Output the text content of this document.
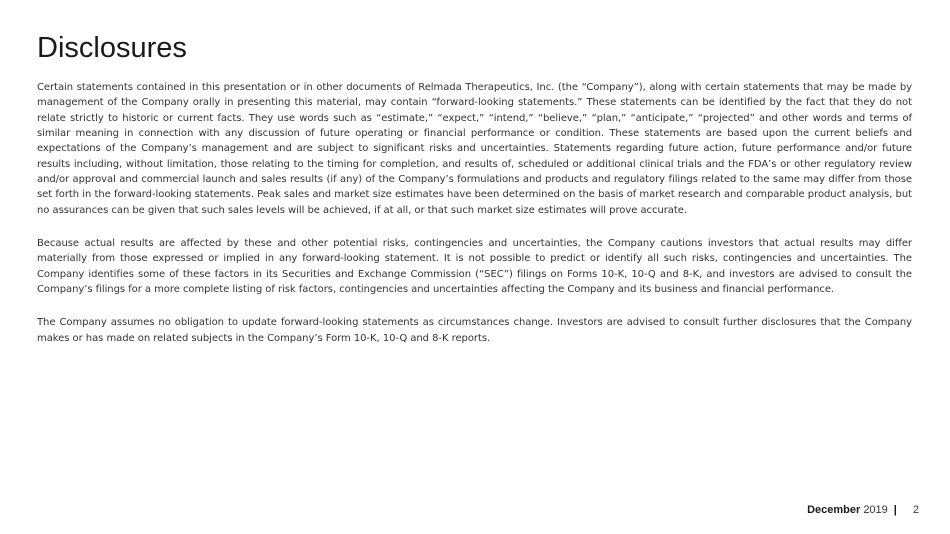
Disclosures

Certain statements contained in this presentation or in other documents of Relmada Therapeutics, Inc. (the “Company”), along with certain statements that may be made by management of the Company orally in presenting this material, may contain “forward-looking statements.” These statements can be identified by the fact that they do not relate strictly to historic or current facts. They use words such as “estimate,” “expect,” “intend,” “believe,” “plan,” “anticipate,” “projected” and other words and terms of similar meaning in connection with any discussion of future operating or financial performance or condition. These statements are based upon the current beliefs and expectations of the Company’s management and are subject to significant risks and uncertainties. Statements regarding future action, future performance and/or future results including, without limitation, those relating to the timing for completion, and results of, scheduled or additional clinical trials and the FDA’s or other regulatory review and/or approval and commercial launch and sales results (if any) of the Company’s formulations and products and regulatory filings related to the same may differ from those set forth in the forward-looking statements. Peak sales and market size estimates have been determined on the basis of market research and comparable product analysis, but no assurances can be given that such sales levels will be achieved, if at all, or that such market size estimates will prove accurate.

Because actual results are affected by these and other potential risks, contingencies and uncertainties, the Company cautions investors that actual results may differ materially from those expressed or implied in any forward-looking statement. It is not possible to predict or identify all such risks, contingencies and uncertainties. The Company identifies some of these factors in its Securities and Exchange Commission (“SEC”) filings on Forms 10-K, 10-Q and 8-K, and investors are advised to consult the Company’s filings for a more complete listing of risk factors, contingencies and uncertainties affecting the Company and its business and financial performance.

The Company assumes no obligation to update forward-looking statements as circumstances change. Investors are advised to consult further disclosures that the Company makes or has made on related subjects in the Company’s Form 10-K, 10-Q and 8-K reports.

December 2019 | 2
